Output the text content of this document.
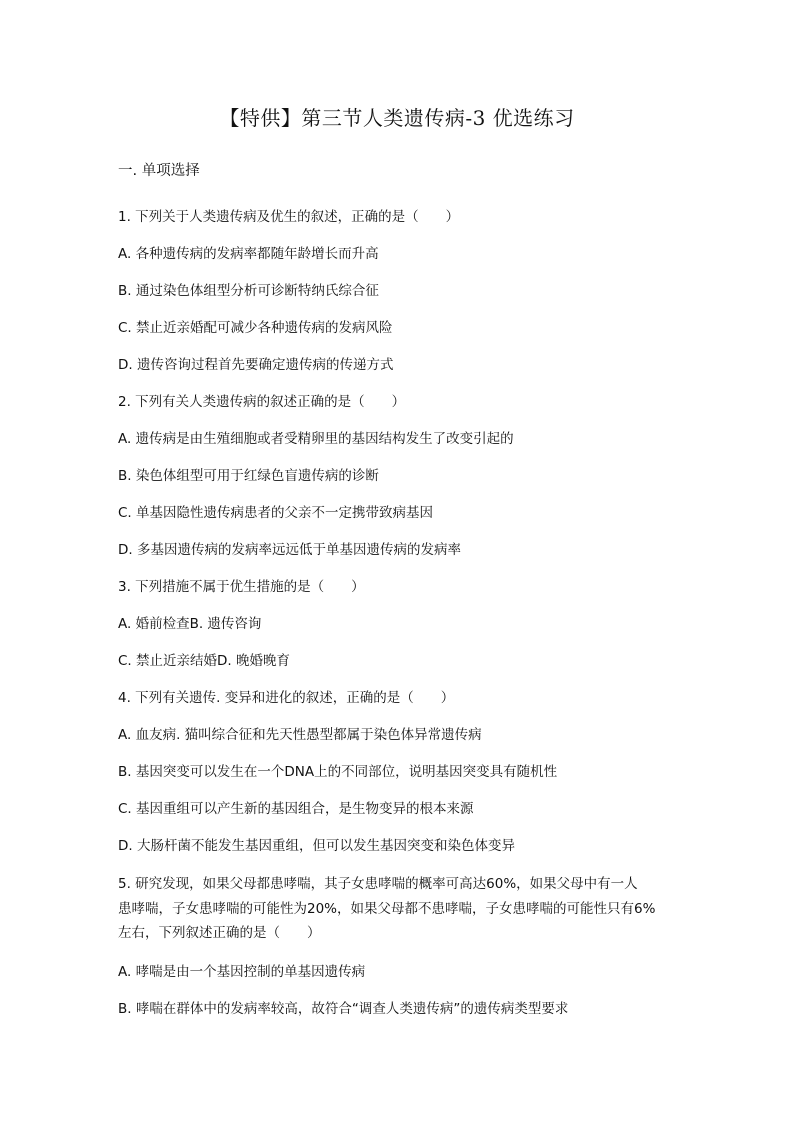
【特供】第三节人类遗传病-3 优选练习
一. 单项选择
1. 下列关于人类遗传病及优生的叙述，正确的是（　　）
A. 各种遗传病的发病率都随年龄增长而升高
B. 通过染色体组型分析可诊断特纳氏综合征
C. 禁止近亲婚配可减少各种遗传病的发病风险
D. 遗传咨询过程首先要确定遗传病的传递方式
2. 下列有关人类遗传病的叙述正确的是（　　）
A. 遗传病是由生殖细胞或者受精卵里的基因结构发生了改变引起的
B. 染色体组型可用于红绿色盲遗传病的诊断
C. 单基因隐性遗传病患者的父亲不一定携带致病基因
D. 多基因遗传病的发病率远远低于单基因遗传病的发病率
3. 下列措施不属于优生措施的是（　　）
A. 婚前检查B. 遗传咨询
C. 禁止近亲结婚D. 晚婚晚育
4. 下列有关遗传. 变异和进化的叙述，正确的是（　　）
A. 血友病. 猫叫综合征和先天性愚型都属于染色体异常遗传病
B. 基因突变可以发生在一个DNA上的不同部位，说明基因突变具有随机性
C. 基因重组可以产生新的基因组合，是生物变异的根本来源
D. 大肠杆菌不能发生基因重组，但可以发生基因突变和染色体变异
5. 研究发现，如果父母都患哮喘，其子女患哮喘的概率可高达60%，如果父母中有一人
患哮喘，子女患哮喘的可能性为20%，如果父母都不患哮喘，子女患哮喘的可能性只有6%
左右，下列叙述正确的是（　　）
A. 哮喘是由一个基因控制的单基因遗传病
B. 哮喘在群体中的发病率较高，故符合“调查人类遗传病”的遗传病类型要求
